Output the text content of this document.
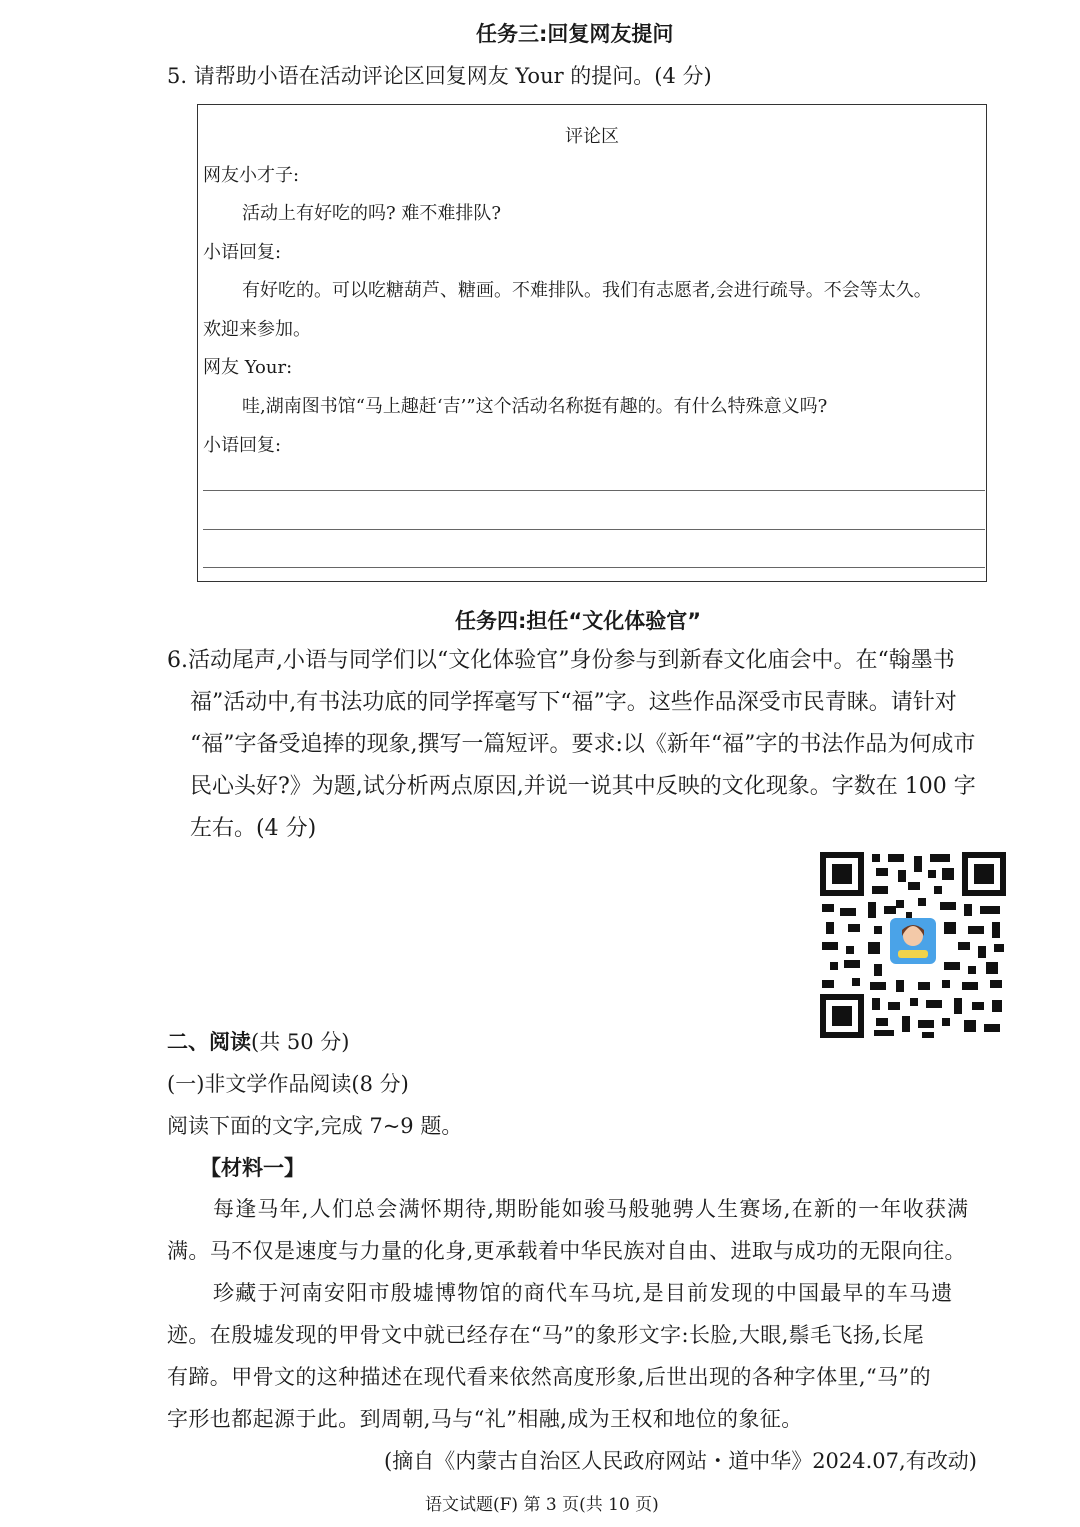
任务三:回复网友提问
5. 请帮助小语在活动评论区回复网友 Your 的提问。(4 分)
评论区
网友小才子:
活动上有好吃的吗? 难不难排队?
小语回复:
有好吃的。可以吃糖葫芦、糖画。不难排队。我们有志愿者,会进行疏导。不会等太久。
欢迎来参加。
网友 Your:
哇,湖南图书馆“马上趣赶‘吉’”这个活动名称挺有趣的。有什么特殊意义吗?
小语回复:
任务四:担任“文化体验官”
6.活动尾声,小语与同学们以“文化体验官”身份参与到新春文化庙会中。在“翰墨书
福”活动中,有书法功底的同学挥毫写下“福”字。这些作品深受市民青睐。请针对
“福”字备受追捧的现象,撰写一篇短评。要求:以《新年“福”字的书法作品为何成市
民心头好?》为题,试分析两点原因,并说一说其中反映的文化现象。字数在 100 字
左右。(4 分)
二、阅读(共 50 分)
(一)非文学作品阅读(8 分)
阅读下面的文字,完成 7~9 题。
【材料一】
每逢马年,人们总会满怀期待,期盼能如骏马般驰骋人生赛场,在新的一年收获满
满。马不仅是速度与力量的化身,更承载着中华民族对自由、进取与成功的无限向往。
珍藏于河南安阳市殷墟博物馆的商代车马坑,是目前发现的中国最早的车马遗
迹。在殷墟发现的甲骨文中就已经存在“马”的象形文字:长脸,大眼,鬃毛飞扬,长尾
有蹄。甲骨文的这种描述在现代看来依然高度形象,后世出现的各种字体里,“马”的
字形也都起源于此。到周朝,马与“礼”相融,成为王权和地位的象征。
(摘自《内蒙古自治区人民政府网站・道中华》2024.07,有改动)
语文试题(F) 第 3 页(共 10 页)
